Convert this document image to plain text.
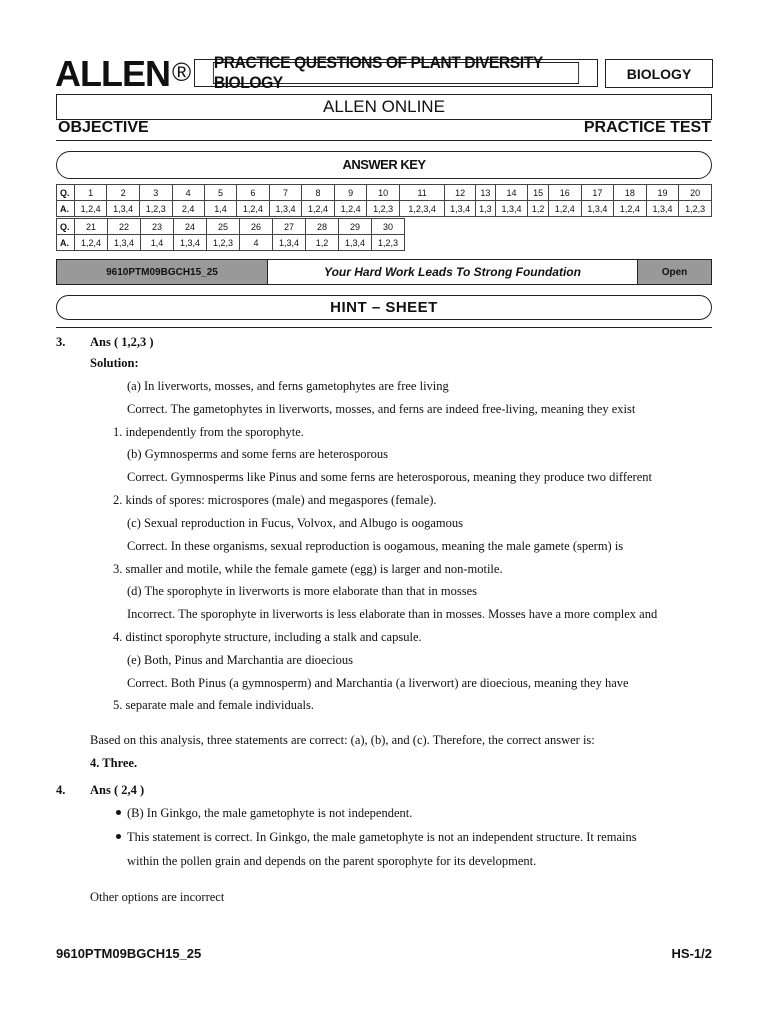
ALLEN® PRACTICE QUESTIONS OF PLANT DIVERSITY BIOLOGY	BIOLOGY
ALLEN ONLINE
OBJECTIVE	PRACTICE TEST
ANSWER KEY
Q.	1	2	3	4	5	6	7	8	9	10	11	12	13	14	15	16	17	18	19	20
A.	1,2,4	1,3,4	1,2,3	2,4	1,4	1,2,4	1,3,4	1,2,4	1,2,4	1,2,3	1,2,3,4	1,3,4	1,3	1,3,4	1,2	1,2,4	1,3,4	1,2,4	1,3,4	1,2,3
Q.	21	22	23	24	25	26	27	28	29	30
A.	1,2,4	1,3,4	1,4	1,3,4	1,2,3	4	1,3,4	1,2	1,3,4	1,2,3
9610PTM09BGCH15_25	Your Hard Work Leads To Strong Foundation	Open
HINT – SHEET
3. Ans ( 1,2,3 )
Solution:
(a) In liverworts, mosses, and ferns gametophytes are free living
Correct. The gametophytes in liverworts, mosses, and ferns are indeed free-living, meaning they exist
1. independently from the sporophyte.
(b) Gymnosperms and some ferns are heterosporous
Correct. Gymnosperms like Pinus and some ferns are heterosporous, meaning they produce two different
2. kinds of spores: microspores (male) and megaspores (female).
(c) Sexual reproduction in Fucus, Volvox, and Albugo is oogamous
Correct. In these organisms, sexual reproduction is oogamous, meaning the male gamete (sperm) is
3. smaller and motile, while the female gamete (egg) is larger and non-motile.
(d) The sporophyte in liverworts is more elaborate than that in mosses
Incorrect. The sporophyte in liverworts is less elaborate than in mosses. Mosses have a more complex and
4. distinct sporophyte structure, including a stalk and capsule.
(e) Both, Pinus and Marchantia are dioecious
Correct. Both Pinus (a gymnosperm) and Marchantia (a liverwort) are dioecious, meaning they have
5. separate male and female individuals.
Based on this analysis, three statements are correct: (a), (b), and (c). Therefore, the correct answer is:
4. Three.
4. Ans ( 2,4 )
(B) In Ginkgo, the male gametophyte is not independent.
This statement is correct. In Ginkgo, the male gametophyte is not an independent structure. It remains
within the pollen grain and depends on the parent sporophyte for its development.
Other options are incorrect
9610PTM09BGCH15_25	HS-1/2
